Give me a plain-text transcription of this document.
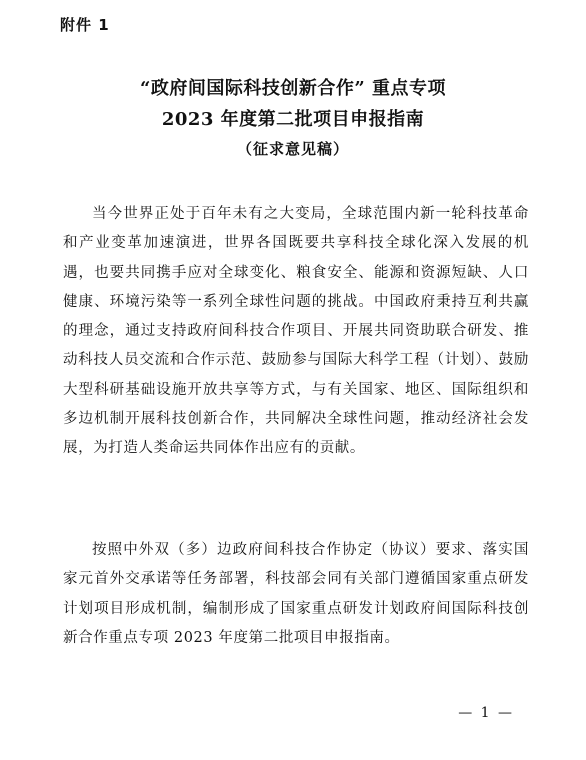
附件 1
“政府间国际科技创新合作” 重点专项
2023 年度第二批项目申报指南
（征求意见稿）
当今世界正处于百年未有之大变局，全球范围内新一轮科技革命和产业变革加速演进，世界各国既要共享科技全球化深入发展的机遇，也要共同携手应对全球变化、粮食安全、能源和资源短缺、人口健康、环境污染等一系列全球性问题的挑战。中国政府秉持互利共赢的理念，通过支持政府间科技合作项目、开展共同资助联合研发、推动科技人员交流和合作示范、鼓励参与国际大科学工程（计划）、鼓励大型科研基础设施开放共享等方式，与有关国家、地区、国际组织和多边机制开展科技创新合作，共同解决全球性问题，推动经济社会发展，为打造人类命运共同体作出应有的贡献。
按照中外双（多）边政府间科技合作协定（协议）要求、落实国家元首外交承诺等任务部署，科技部会同有关部门遵循国家重点研发计划项目形成机制，编制形成了国家重点研发计划政府间国际科技创新合作重点专项 2023 年度第二批项目申报指南。
— 1 —
